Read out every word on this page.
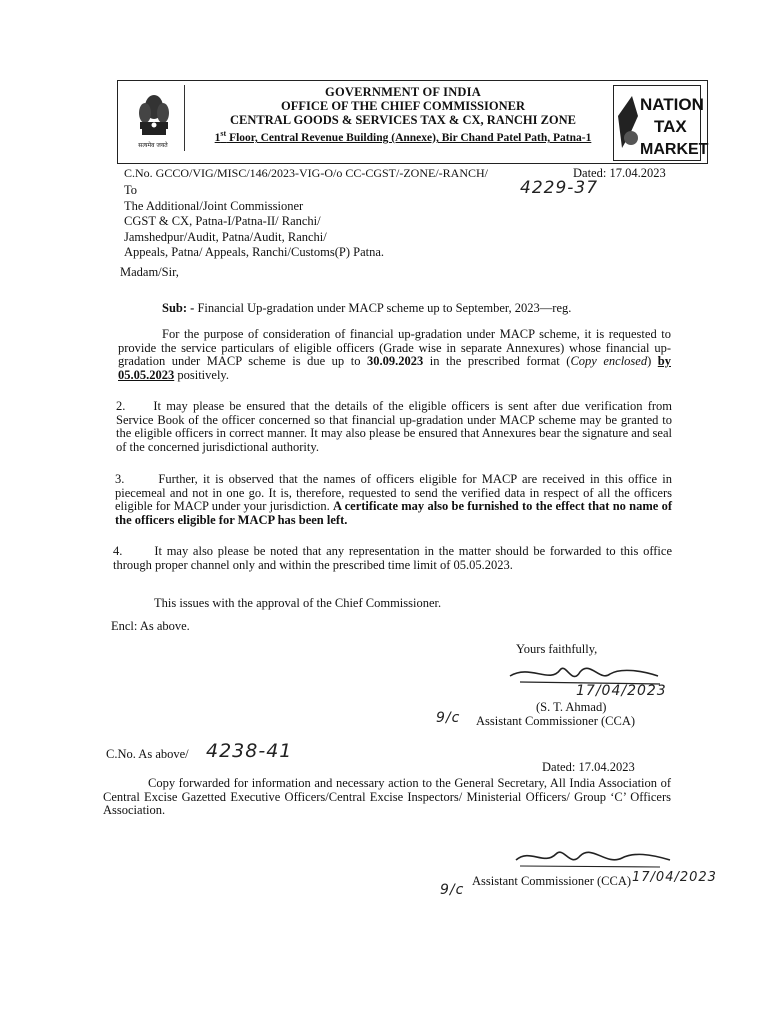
सत्यमेव जयते
GOVERNMENT OF INDIA
OFFICE OF THE CHIEF COMMISSIONER
CENTRAL GOODS & SERVICES TAX & CX, RANCHI ZONE
1st Floor, Central Revenue Building (Annexe), Bir Chand Patel Path, Patna-1
NATION
TAX
MARKET
C.No. GCCO/VIG/MISC/146/2023-VIG-O/o CC-CGST/-ZONE/-RANCH/	Dated: 17.04.2023
4229-37
To
The Additional/Joint Commissioner
CGST & CX, Patna-I/Patna-II/ Ranchi/
Jamshedpur/Audit, Patna/Audit, Ranchi/
Appeals, Patna/ Appeals, Ranchi/Customs(P) Patna.
Madam/Sir,
Sub: - Financial Up-gradation under MACP scheme up to September, 2023—reg.
For the purpose of consideration of financial up-gradation under MACP scheme, it is requested to provide the service particulars of eligible officers (Grade wise in separate Annexures) whose financial up-gradation under MACP scheme is due up to 30.09.2023 in the prescribed format (Copy enclosed) by 05.05.2023 positively.
2. It may please be ensured that the details of the eligible officers is sent after due verification from Service Book of the officer concerned so that financial up-gradation under MACP scheme may be granted to the eligible officers in correct manner. It may also please be ensured that Annexures bear the signature and seal of the concerned jurisdictional authority.
3.	Further, it is observed that the names of officers eligible for MACP are received in this office in piecemeal and not in one go. It is, therefore, requested to send the verified data in respect of all the officers eligible for MACP under your jurisdiction. A certificate may also be furnished to the effect that no name of the officers eligible for MACP has been left.
4.	It may also please be noted that any representation in the matter should be forwarded to this office through proper channel only and within the prescribed time limit of 05.05.2023.
This issues with the approval of the Chief Commissioner.
Encl: As above.
Yours faithfully,
17/04/2023
(S. T. Ahmad)
9/c Assistant Commissioner (CCA)
C.No. As above/ 4238-41
Dated: 17.04.2023
Copy forwarded for information and necessary action to the General Secretary, All India Association of Central Excise Gazetted Executive Officers/Central Excise Inspectors/ Ministerial Officers/ Group ‘C’ Officers Association.
9/c
Assistant Commissioner (CCA) 17/04/2023
